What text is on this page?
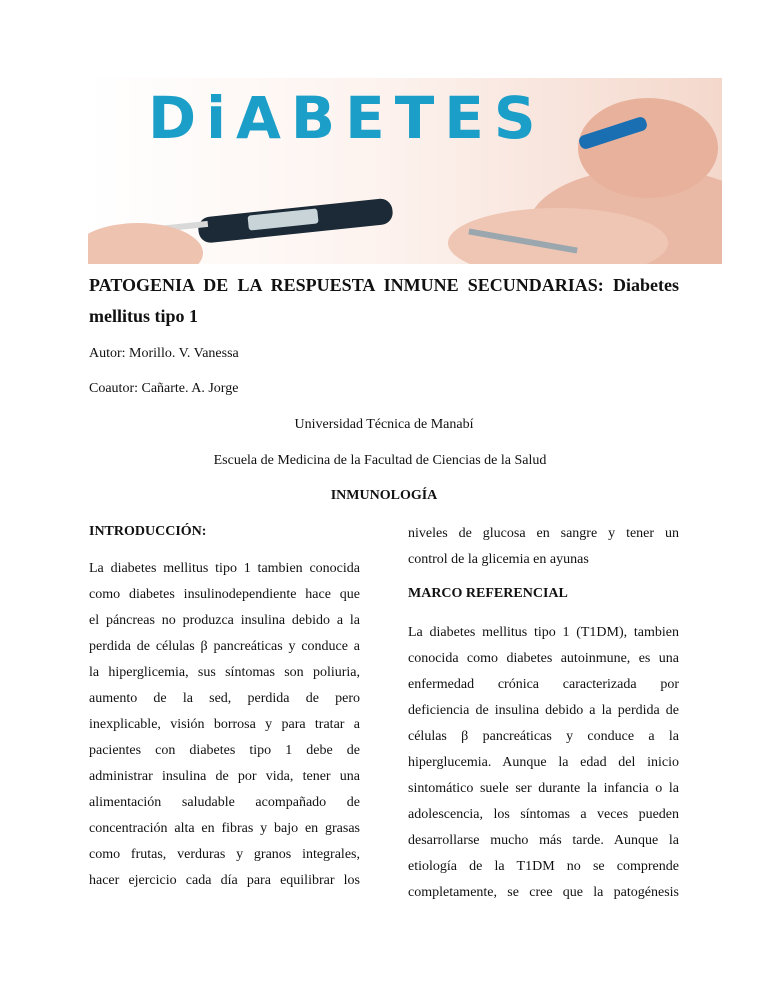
DiABETES
PATOGENIA DE LA RESPUESTA INMUNE SECUNDARIAS: Diabetes mellitus tipo 1
Autor: Morillo. V. Vanessa
Coautor: Cañarte. A. Jorge
Universidad Técnica de Manabí
Escuela de Medicina de la Facultad de Ciencias de la Salud
INMUNOLOGÍA
INTRODUCCIÓN:

La diabetes mellitus tipo 1 tambien conocida

como diabetes insulinodependiente hace que

el páncreas no produzca insulina debido a la

perdida de células β pancreáticas y conduce a

la hiperglicemia, sus síntomas son poliuria,

aumento de la sed, perdida de pero

inexplicable, visión borrosa y para tratar a

pacientes con diabetes tipo 1 debe de

administrar insulina de por vida, tener una

alimentación saludable acompañado de

concentración alta en fibras y bajo en grasas

como frutas, verduras y granos integrales,

hacer ejercicio cada día para equilibrar los

niveles de glucosa en sangre y tener un

control de la glicemia en ayunas

MARCO REFERENCIAL

La diabetes mellitus tipo 1 (T1DM), tambien

conocida como diabetes autoinmune, es una

enfermedad crónica caracterizada por

deficiencia de insulina debido a la perdida de

células β pancreáticas y conduce a la

hiperglucemia. Aunque la edad del inicio

sintomático suele ser durante la infancia o la

adolescencia, los síntomas a veces pueden

desarrollarse mucho más tarde. Aunque la

etiología de la T1DM no se comprende

completamente, se cree que la patogénesis
